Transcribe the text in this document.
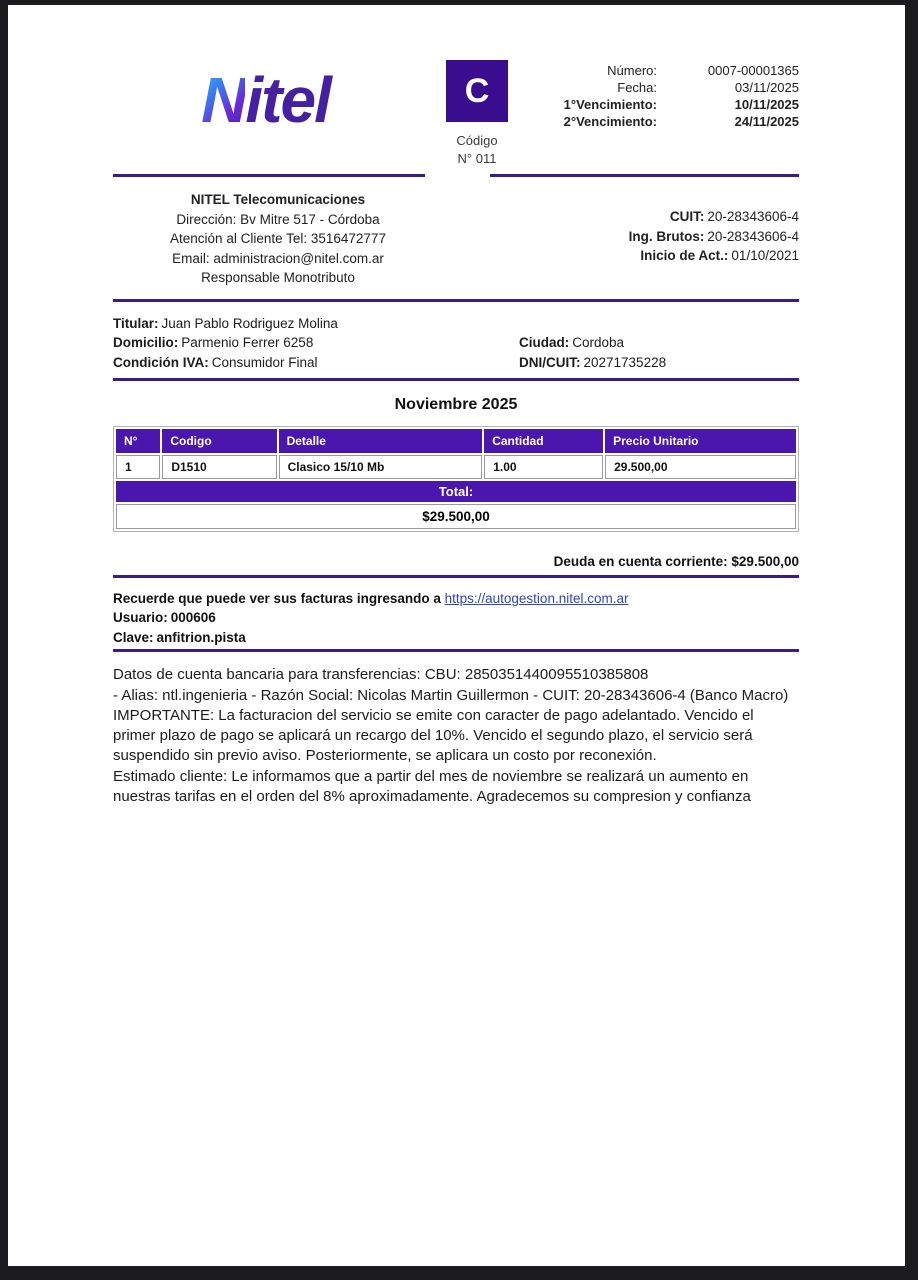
Nitel	C
Código
N° 011
Número:	0007-00001365
Fecha:	03/11/2025
1°Vencimiento:	10/11/2025
2°Vencimiento:	24/11/2025
NITEL Telecomunicaciones
Dirección: Bv Mitre 517 - Córdoba
Atención al Cliente Tel: 3516472777
Email: administracion@nitel.com.ar
Responsable Monotributo
CUIT: 20-28343606-4
Ing. Brutos: 20-28343606-4
Inicio de Act.: 01/10/2021
Titular: Juan Pablo Rodriguez Molina
Domicilio: Parmenio Ferrer 6258	Ciudad: Cordoba
Condición IVA: Consumidor Final	DNI/CUIT: 20271735228
Noviembre 2025
N°	Codigo	Detalle	Cantidad	Precio Unitario
1	D1510	Clasico 15/10 Mb	1.00	29.500,00
Total:				
$29.500,00				
Deuda en cuenta corriente: $29.500,00
Recuerde que puede ver sus facturas ingresando a https://autogestion.nitel.com.ar
Usuario: 000606
Clave: anfitrion.pista
Datos de cuenta bancaria para transferencias: CBU: 2850351440095510385808
- Alias: ntl.ingenieria - Razón Social: Nicolas Martin Guillermon - CUIT: 20-28343606-4 (Banco Macro)
IMPORTANTE: La facturacion del servicio se emite con caracter de pago adelantado. Vencido el primer plazo de pago se aplicará un recargo del 10%. Vencido el segundo plazo, el servicio será suspendido sin previo aviso. Posteriormente, se aplicara un costo por reconexión.
Estimado cliente: Le informamos que a partir del mes de noviembre se realizará un aumento en nuestras tarifas en el orden del 8% aproximadamente. Agradecemos su compresion y confianza
